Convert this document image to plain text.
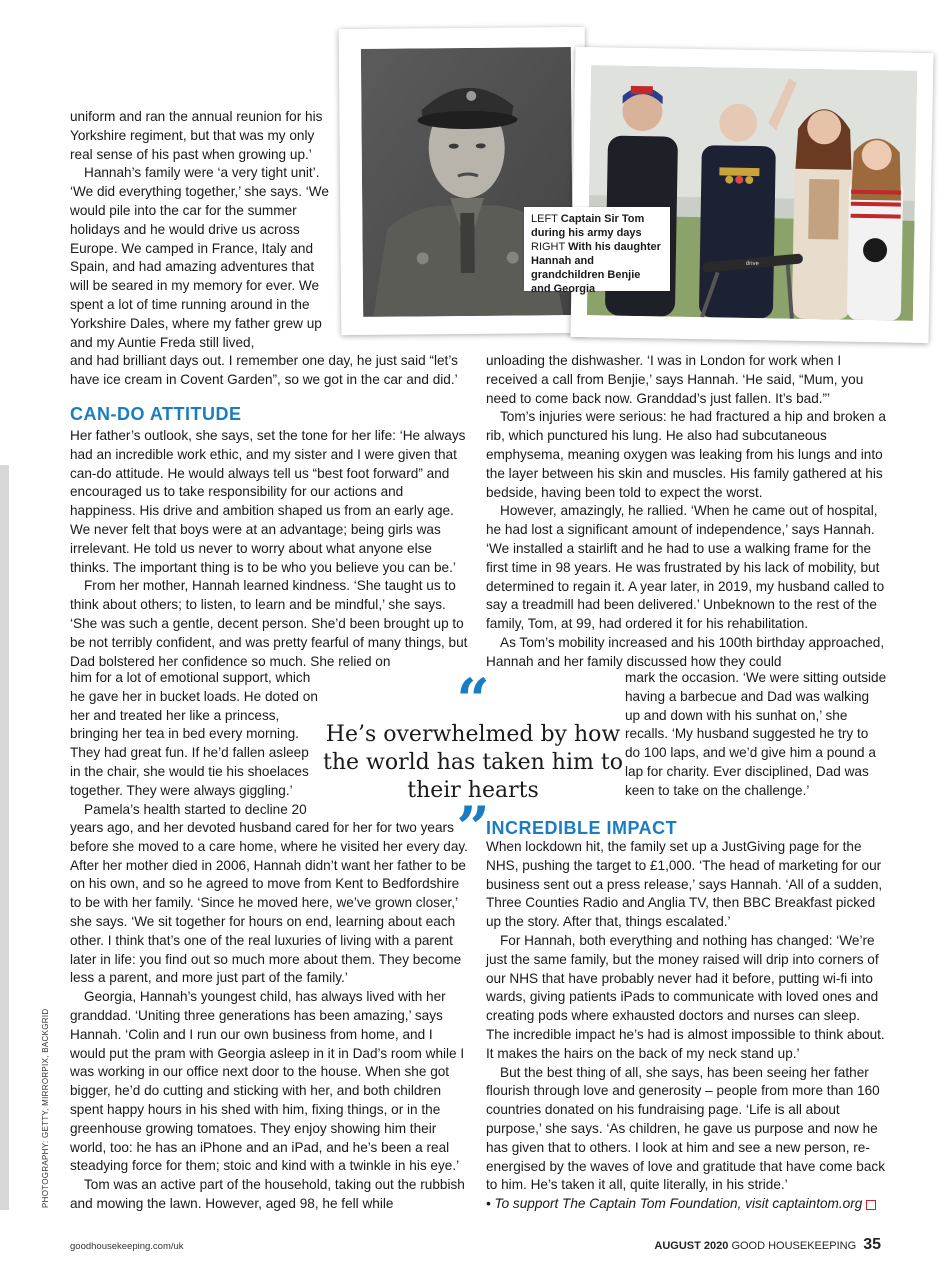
drive
LEFT Captain Sir Tom during his army days
RIGHT With his daughter Hannah and grandchildren Benjie and Georgia

uniform and ran the annual reunion for his Yorkshire regiment, but that was my only real sense of his past when growing up.’

Hannah’s family were ‘a very tight unit’. ‘We did everything together,’ she says. ‘We would pile into the car for the summer holidays and he would drive us across Europe. We camped in France, Italy and Spain, and had amazing adventures that will be seared in my memory for ever. We spent a lot of time running around in the Yorkshire Dales, where my father grew up and my Auntie Freda still lived,

and had brilliant days out. I remember one day, he just said “let’s have ice cream in Covent Garden”, so we got in the car and did.’

CAN-DO ATTITUDE

Her father’s outlook, she says, set the tone for her life: ‘He always had an incredible work ethic, and my sister and I were given that can-do attitude. He would always tell us “best foot forward” and encouraged us to take responsibility for our actions and happiness. His drive and ambition shaped us from an early age. We never felt that boys were at an advantage; being girls was irrelevant. He told us never to worry about what anyone else thinks. The important thing is to be who you believe you can be.’

From her mother, Hannah learned kindness. ‘She taught us to think about others; to listen, to learn and be mindful,’ she says. ‘She was such a gentle, decent person. She’d been brought up to be not terribly confident, and was pretty fearful of many things, but Dad bolstered her confidence so much. She relied on

him for a lot of emotional support, which he gave her in bucket loads. He doted on her and treated her like a princess, bringing her tea in bed every morning. They had great fun. If he’d fallen asleep in the chair, she would tie his shoelaces together. They were always giggling.’

Pamela’s health started to decline 20

years ago, and her devoted husband cared for her for two years before she moved to a care home, where he visited her every day. After her mother died in 2006, Hannah didn’t want her father to be on his own, and so he agreed to move from Kent to Bedfordshire to be with her family. ‘Since he moved here, we’ve grown closer,’ she says. ‘We sit together for hours on end, learning about each other. I think that’s one of the real luxuries of living with a parent later in life: you find out so much more about them. They become less a parent, and more just part of the family.’

Georgia, Hannah’s youngest child, has always lived with her granddad. ‘Uniting three generations has been amazing,’ says Hannah. ‘Colin and I run our own business from home, and I would put the pram with Georgia asleep in it in Dad’s room while I was working in our office next door to the house. When she got bigger, he’d do cutting and sticking with her, and both children spent happy hours in his shed with him, fixing things, or in the greenhouse growing tomatoes. They enjoy showing him their world, too: he has an iPhone and an iPad, and he’s been a real steadying force for them; stoic and kind with a twinkle in his eye.’

Tom was an active part of the household, taking out the rubbish and mowing the lawn. However, aged 98, he fell while

“
He’s overwhelmed by how the world has taken him to their hearts
”

unloading the dishwasher. ‘I was in London for work when I received a call from Benjie,’ says Hannah. ‘He said, “Mum, you need to come back now. Granddad’s just fallen. It’s bad.”’

Tom’s injuries were serious: he had fractured a hip and broken a rib, which punctured his lung. He also had subcutaneous emphysema, meaning oxygen was leaking from his lungs and into the layer between his skin and muscles. His family gathered at his bedside, having been told to expect the worst.

However, amazingly, he rallied. ‘When he came out of hospital, he had lost a significant amount of independence,’ says Hannah. ‘We installed a stairlift and he had to use a walking frame for the first time in 98 years. He was frustrated by his lack of mobility, but determined to regain it. A year later, in 2019, my husband called to say a treadmill had been delivered.’ Unbeknown to the rest of the family, Tom, at 99, had ordered it for his rehabilitation.

As Tom’s mobility increased and his 100th birthday approached, Hannah and her family discussed how they could

mark the occasion. ‘We were sitting outside having a barbecue and Dad was walking up and down with his sunhat on,’ she recalls. ‘My husband suggested he try to do 100 laps, and we’d give him a pound a lap for charity. Ever disciplined, Dad was keen to take on the challenge.’

INCREDIBLE IMPACT

When lockdown hit, the family set up a JustGiving page for the NHS, pushing the target to £1,000. ‘The head of marketing for our business sent out a press release,’ says Hannah. ‘All of a sudden, Three Counties Radio and Anglia TV, then BBC Breakfast picked up the story. After that, things escalated.’

For Hannah, both everything and nothing has changed: ‘We’re just the same family, but the money raised will drip into corners of our NHS that have probably never had it before, putting wi-fi into wards, giving patients iPads to communicate with loved ones and creating pods where exhausted doctors and nurses can sleep. The incredible impact he’s had is almost impossible to think about. It makes the hairs on the back of my neck stand up.’

But the best thing of all, she says, has been seeing her father flourish through love and generosity – people from more than 160 countries donated on his fundraising page. ‘Life is all about purpose,’ she says. ‘As children, he gave us purpose and now he has given that to others. I look at him and see a new person, re-energised by the waves of love and gratitude that have come back to him. He’s taken it all, quite literally, in his stride.’

• To support The Captain Tom Foundation, visit captaintom.org

PHOTOGRAPHY: GETTY, MIRRORPIX, BACKGRID
goodhousekeeping.com/uk	AUGUST 2020 GOOD HOUSEKEEPING 35
